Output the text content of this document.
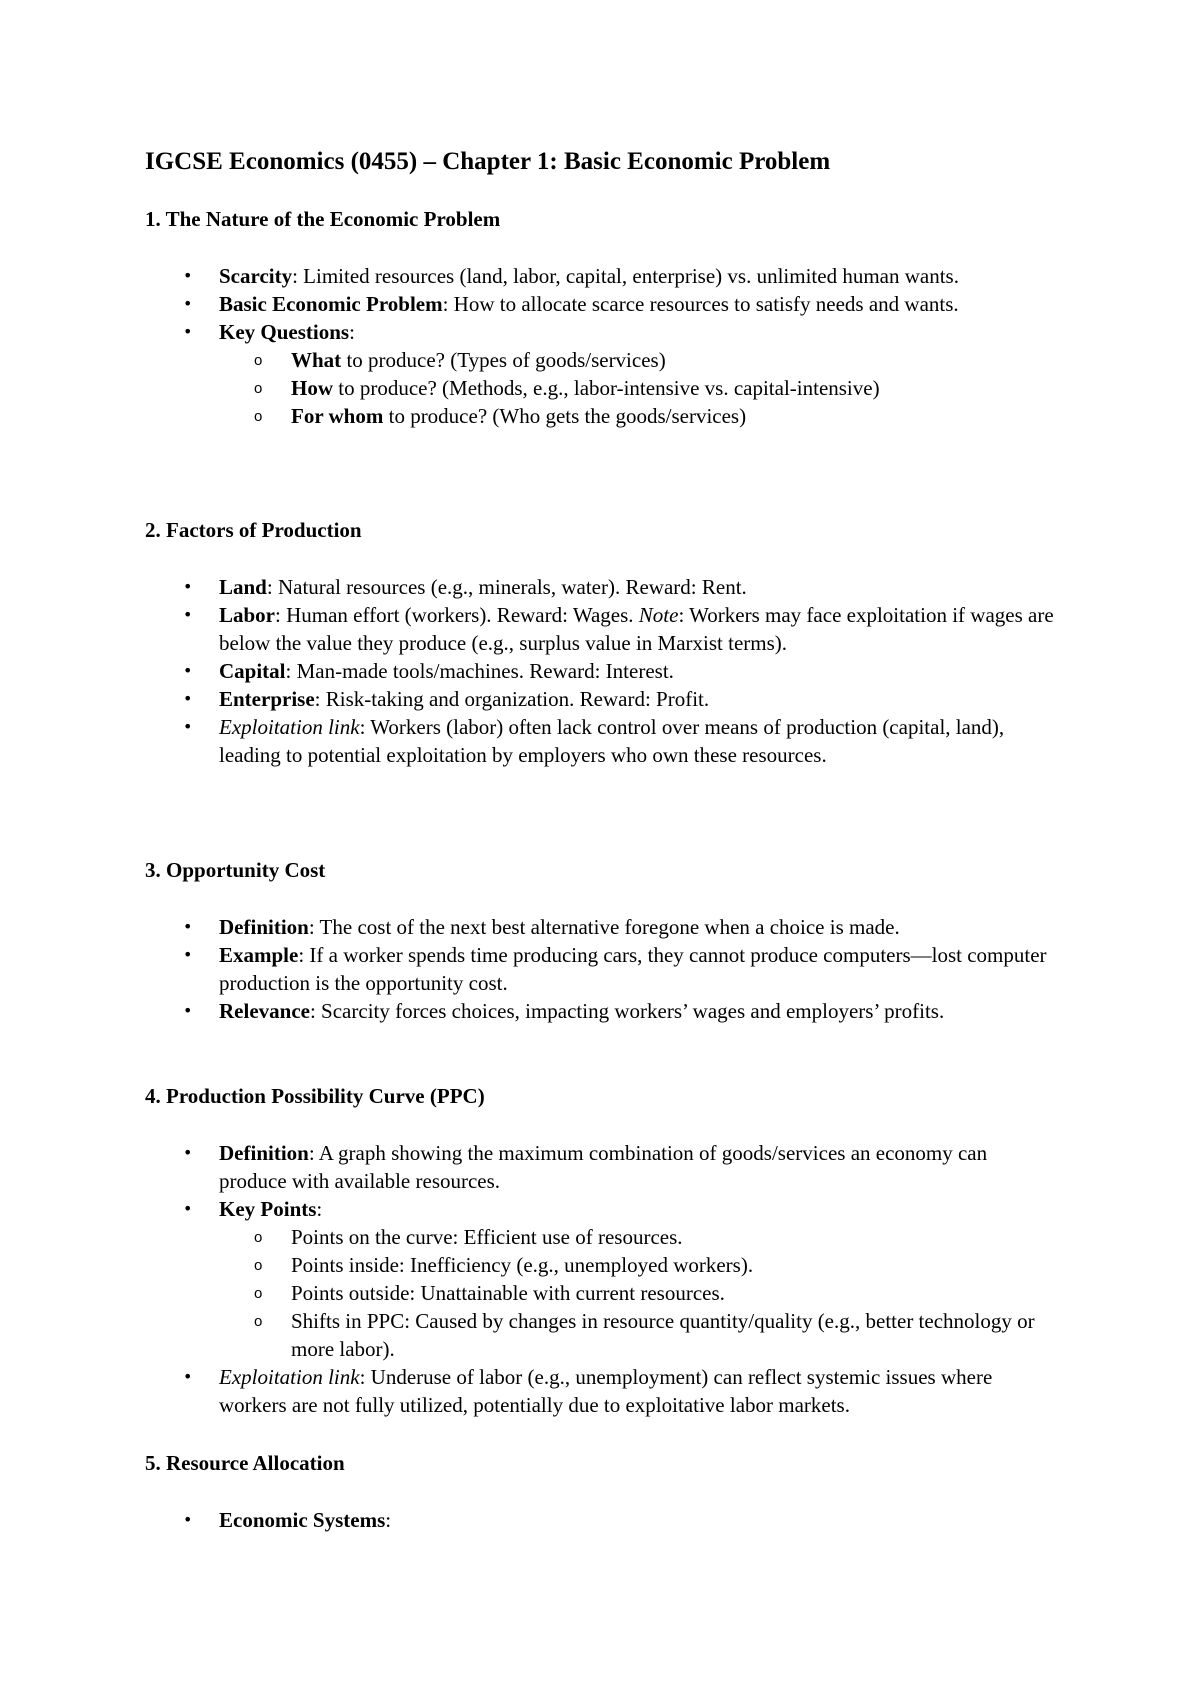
IGCSE Economics (0455) – Chapter 1: Basic Economic Problem
1. The Nature of the Economic Problem
• Scarcity: Limited resources (land, labor, capital, enterprise) vs. unlimited human wants.
• Basic Economic Problem: How to allocate scarce resources to satisfy needs and wants.
• Key Questions:
o What to produce? (Types of goods/services)
o How to produce? (Methods, e.g., labor-intensive vs. capital-intensive)
o For whom to produce? (Who gets the goods/services)
2. Factors of Production
• Land: Natural resources (e.g., minerals, water). Reward: Rent.
• Labor: Human effort (workers). Reward: Wages. Note: Workers may face exploitation if wages are below the value they produce (e.g., surplus value in Marxist terms).
• Capital: Man-made tools/machines. Reward: Interest.
• Enterprise: Risk-taking and organization. Reward: Profit.
• Exploitation link: Workers (labor) often lack control over means of production (capital, land), leading to potential exploitation by employers who own these resources.
3. Opportunity Cost
• Definition: The cost of the next best alternative foregone when a choice is made.
• Example: If a worker spends time producing cars, they cannot produce computers—lost computer production is the opportunity cost.
• Relevance: Scarcity forces choices, impacting workers’ wages and employers’ profits.
4. Production Possibility Curve (PPC)
• Definition: A graph showing the maximum combination of goods/services an economy can produce with available resources.
• Key Points:
o Points on the curve: Efficient use of resources.
o Points inside: Inefficiency (e.g., unemployed workers).
o Points outside: Unattainable with current resources.
o Shifts in PPC: Caused by changes in resource quantity/quality (e.g., better technology or more labor).
• Exploitation link: Underuse of labor (e.g., unemployment) can reflect systemic issues where workers are not fully utilized, potentially due to exploitative labor markets.
5. Resource Allocation
• Economic Systems:
